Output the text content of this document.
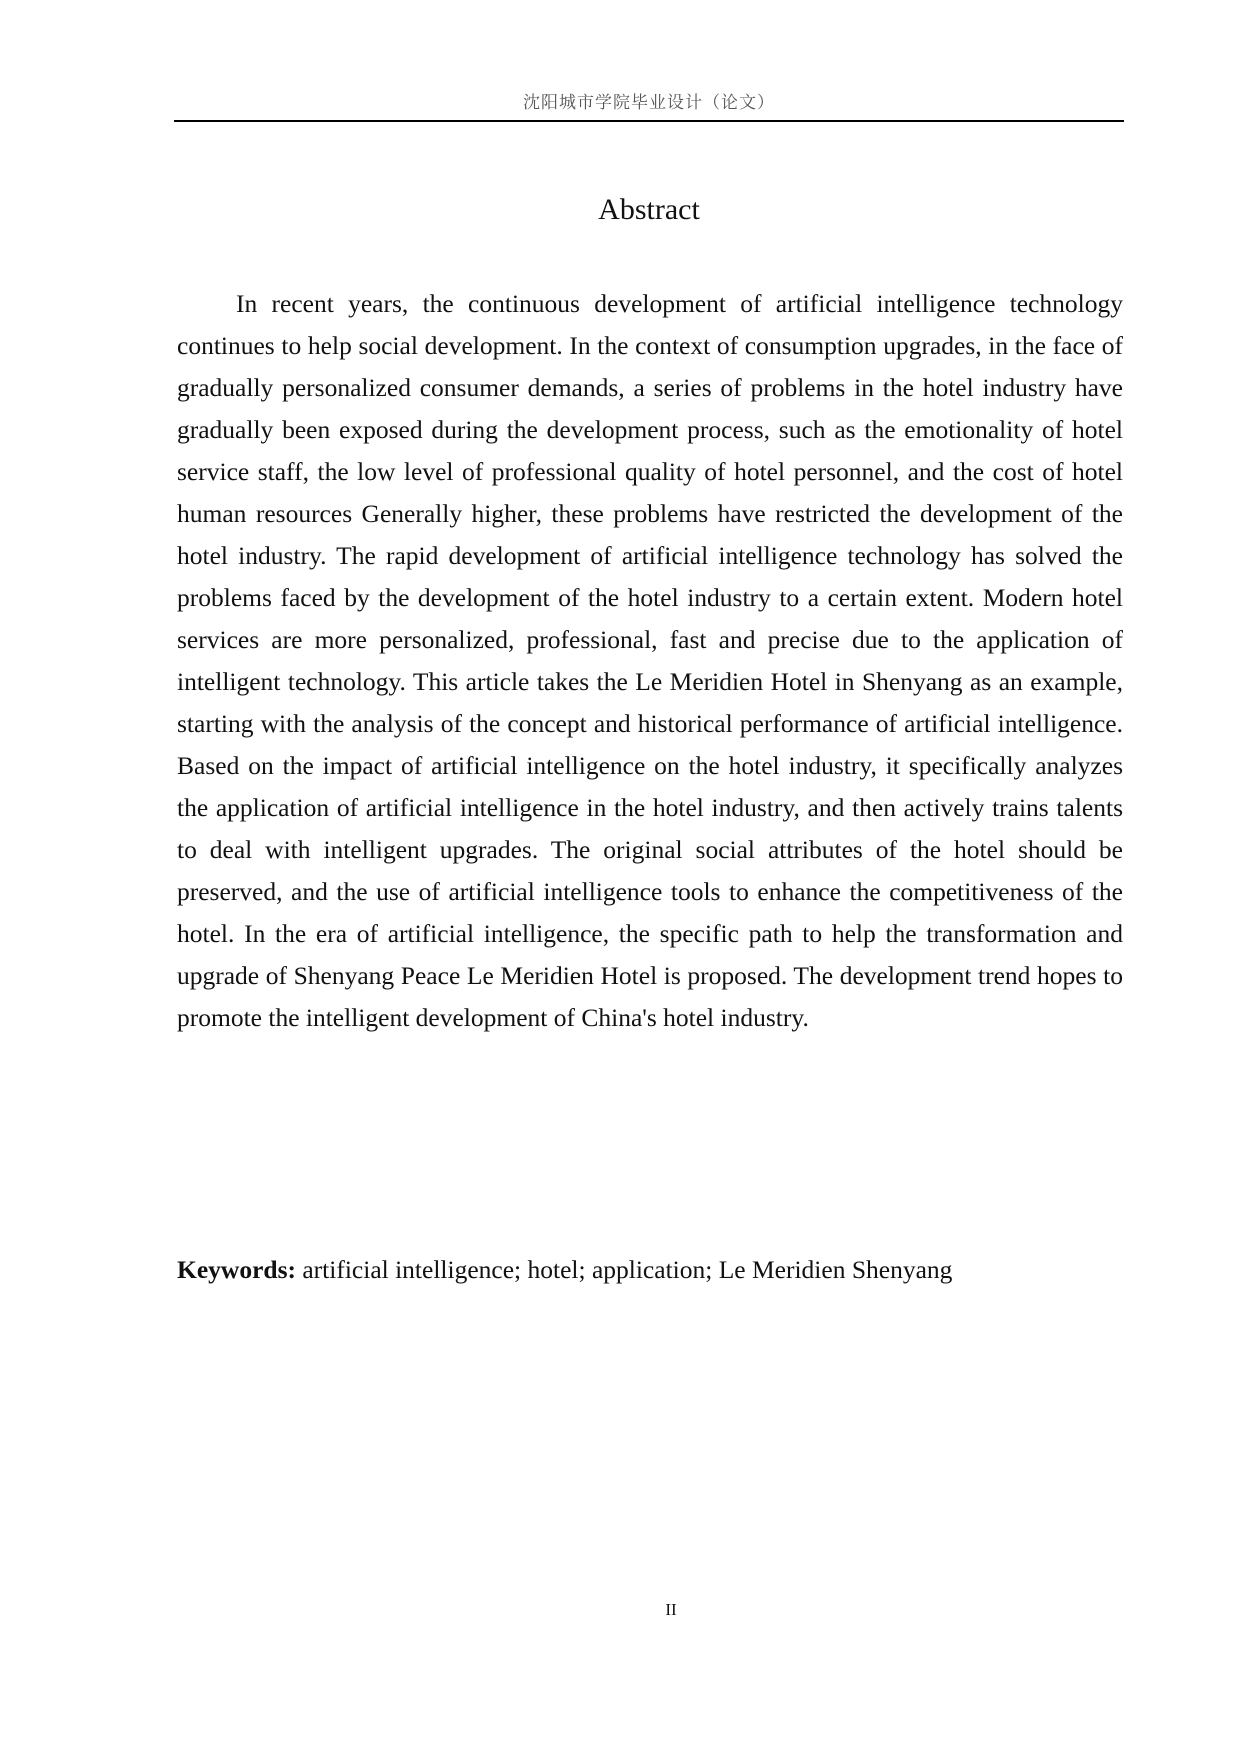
沈阳城市学院毕业设计（论文）
Abstract

In recent years, the continuous development of artificial intelligence technology continues to help social development. In the context of consumption upgrades, in the face of gradually personalized consumer demands, a series of problems in the hotel industry have gradually been exposed during the development process, such as the emotionality of hotel service staff, the low level of professional quality of hotel personnel, and the cost of hotel human resources Generally higher, these problems have restricted the development of the hotel industry. The rapid development of artificial intelligence technology has solved the problems faced by the development of the hotel industry to a certain extent. Modern hotel services are more personalized, professional, fast and precise due to the application of intelligent technology. This article takes the Le Meridien Hotel in Shenyang as an example, starting with the analysis of the concept and historical performance of artificial intelligence. Based on the impact of artificial intelligence on the hotel industry, it specifically analyzes the application of artificial intelligence in the hotel industry, and then actively trains talents to deal with intelligent upgrades. The original social attributes of the hotel should be preserved, and the use of artificial intelligence tools to enhance the competitiveness of the hotel. In the era of artificial intelligence, the specific path to help the transformation and upgrade of Shenyang Peace Le Meridien Hotel is proposed. The development trend hopes to promote the intelligent development of China's hotel industry.

Keywords: artificial intelligence; hotel; application; Le Meridien Shenyang

II
